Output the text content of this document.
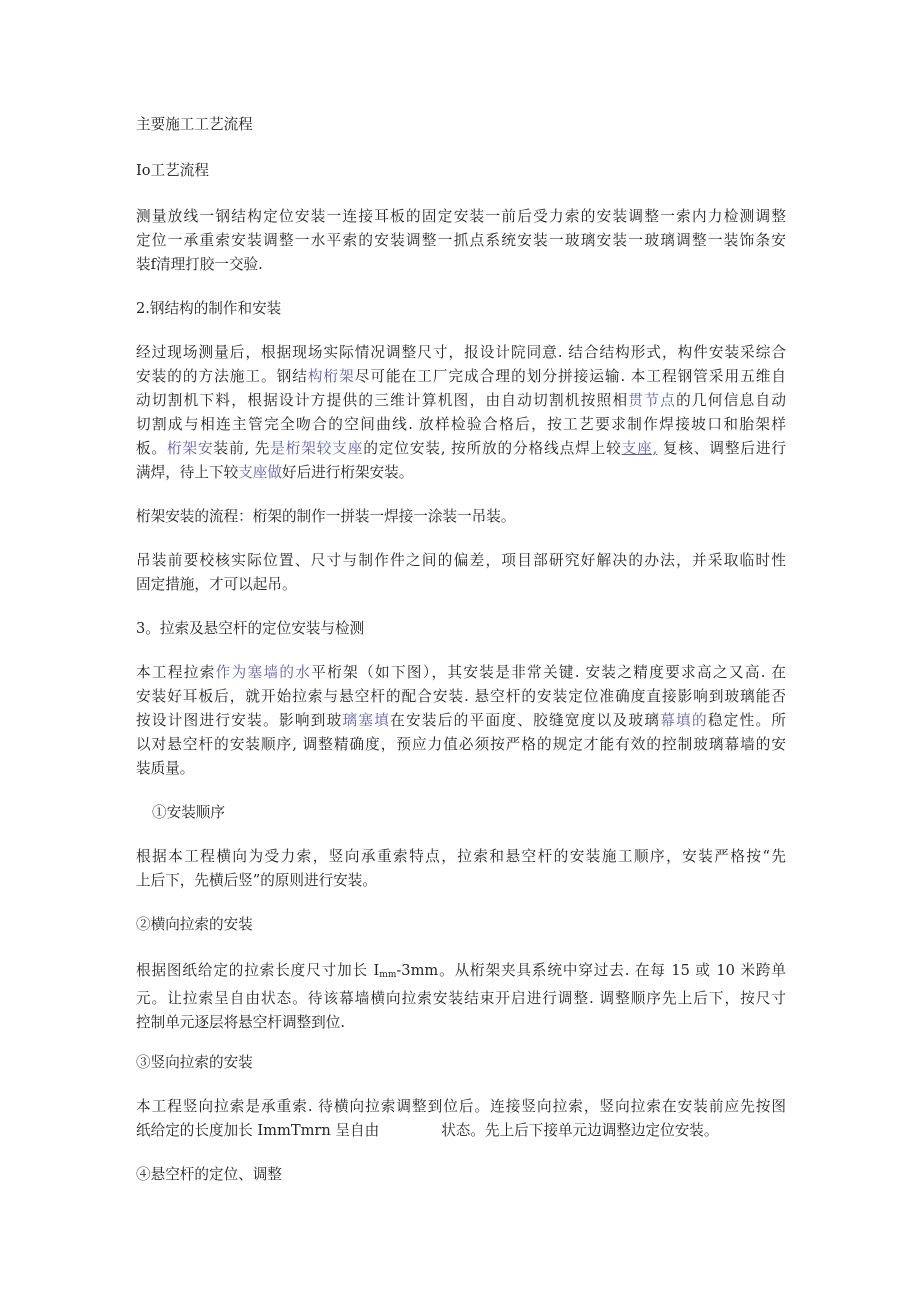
主要施工工艺流程

Io工艺流程

测量放线一钢结构定位安装一连接耳板的固定安装一前后受力索的安装调整一索内力检测调整
定位一承重索安装调整一水平索的安装调整一抓点系统安装一玻璃安装一玻璃调整一装饰条安
装f清理打胶一交验.

2.钢结构的制作和安装

经过现场测量后，根据现场实际情况调整尺寸，报设计院同意. 结合结构形式，构件安装采综合
安装的的方法施工。钢结构桁架尽可能在工厂完成合理的划分拼接运输. 本工程钢管采用五维自
动切割机下料，根据设计方提供的三维计算机图，由自动切割机按照相贯节点的几何信息自动
切割成与相连主管完全吻合的空间曲线. 放样检验合格后，按工艺要求制作焊接坡口和胎架样
板。桁架安装前, 先是桁架较支座的定位安装, 按所放的分格线点焊上较支座, 复核、调整后进行
满焊，待上下较支座做好后进行桁架安装。

桁架安装的流程：桁架的制作一拼装一焊接一涂装一吊装。

吊装前要校核实际位置、尺寸与制作件之间的偏差，项目部研究好解决的办法，并采取临时性
固定措施，才可以起吊。

3。拉索及悬空杆的定位安装与检测

本工程拉索作为塞墙的水平桁架（如下图），其安装是非常关键. 安装之精度要求高之又高. 在
安装好耳板后，就开始拉索与悬空杆的配合安装. 悬空杆的安装定位准确度直接影响到玻璃能否
按设计图进行安装。影响到玻璃塞填在安装后的平面度、胶缝宽度以及玻璃幕填的稳定性。所
以对悬空杆的安装顺序, 调整精确度，预应力值必须按严格的规定才能有效的控制玻璃幕墙的安
装质量。

①安装顺序

根据本工程横向为受力索，竖向承重索特点，拉索和悬空杆的安装施工顺序，安装严格按“先
上后下，先横后竖”的原则进行安装。

②横向拉索的安装

根据图纸给定的拉索长度尺寸加长 $I_{mm}-3mm$。从桁架夹具系统中穿过去. 在每 15 或 10 米跨单
元。让拉索呈自由状态。待该幕墙横向拉索安装结束开启进行调整. 调整顺序先上后下，按尺寸
控制单元逐层将悬空杆调整到位.

③竖向拉索的安装

本工程竖向拉索是承重索. 待横向拉索调整到位后。连接竖向拉索，竖向拉索在安装前应先按图
纸给定的长度加长 ImmTmrn 呈自由	状态。先上后下接单元边调整边定位安装。

④悬空杆的定位、调整
